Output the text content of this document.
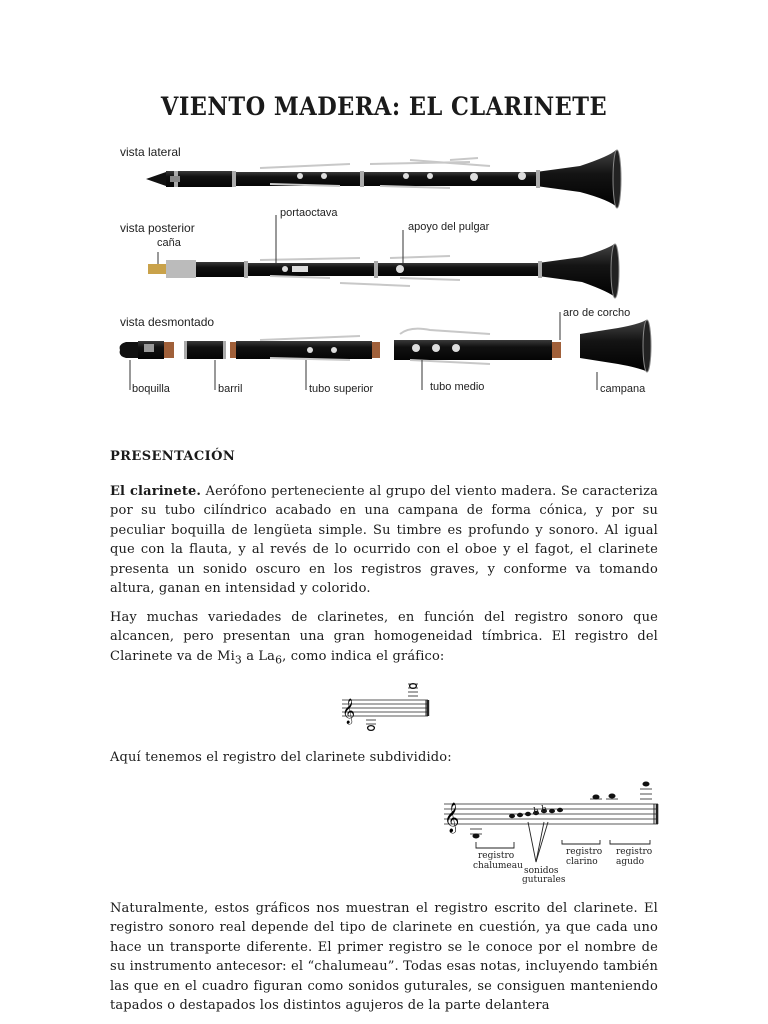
VIENTO MADERA: EL CLARINETE
vista lateral
vista posterior
vista desmontado
caña
portaoctava
apoyo del pulgar
boquilla	barril	tubo superior	tubo medio	campana
aro de corcho
PRESENTACIÓN
El clarinete. Aerófono perteneciente al grupo del viento madera. Se caracteriza por su tubo cilíndrico acabado en una campana de forma cónica, y por su peculiar boquilla de lengüeta simple. Su timbre es profundo y sonoro. Al igual que con la flauta, y al revés de lo ocurrido con el oboe y el fagot, el clarinete presenta un sonido oscuro en los registros graves, y conforme va tomando altura, ganan en intensidad y colorido.
Hay muchas variedades de clarinetes, en función del registro sonoro que alcancen, pero presentan una gran homogeneidad tímbrica. El registro del Clarinete va de $Mi_3$ a $La_6$, como indica el gráfico:
𝄞
Aquí tenemos el registro del clarinete subdividido:
𝄞	b b
registro
chalumeau sonidos
guturales
registro
clarino
registro
agudo
Naturalmente, estos gráficos nos muestran el registro escrito del clarinete. El registro sonoro real depende del tipo de clarinete en cuestión, ya que cada uno hace un transporte diferente. El primer registro se le conoce por el nombre de su instrumento antecesor: el “chalumeau”. Todas esas notas, incluyendo también las que en el cuadro figuran como sonidos guturales, se consiguen manteniendo tapados o destapados los distintos agujeros de la parte delantera
